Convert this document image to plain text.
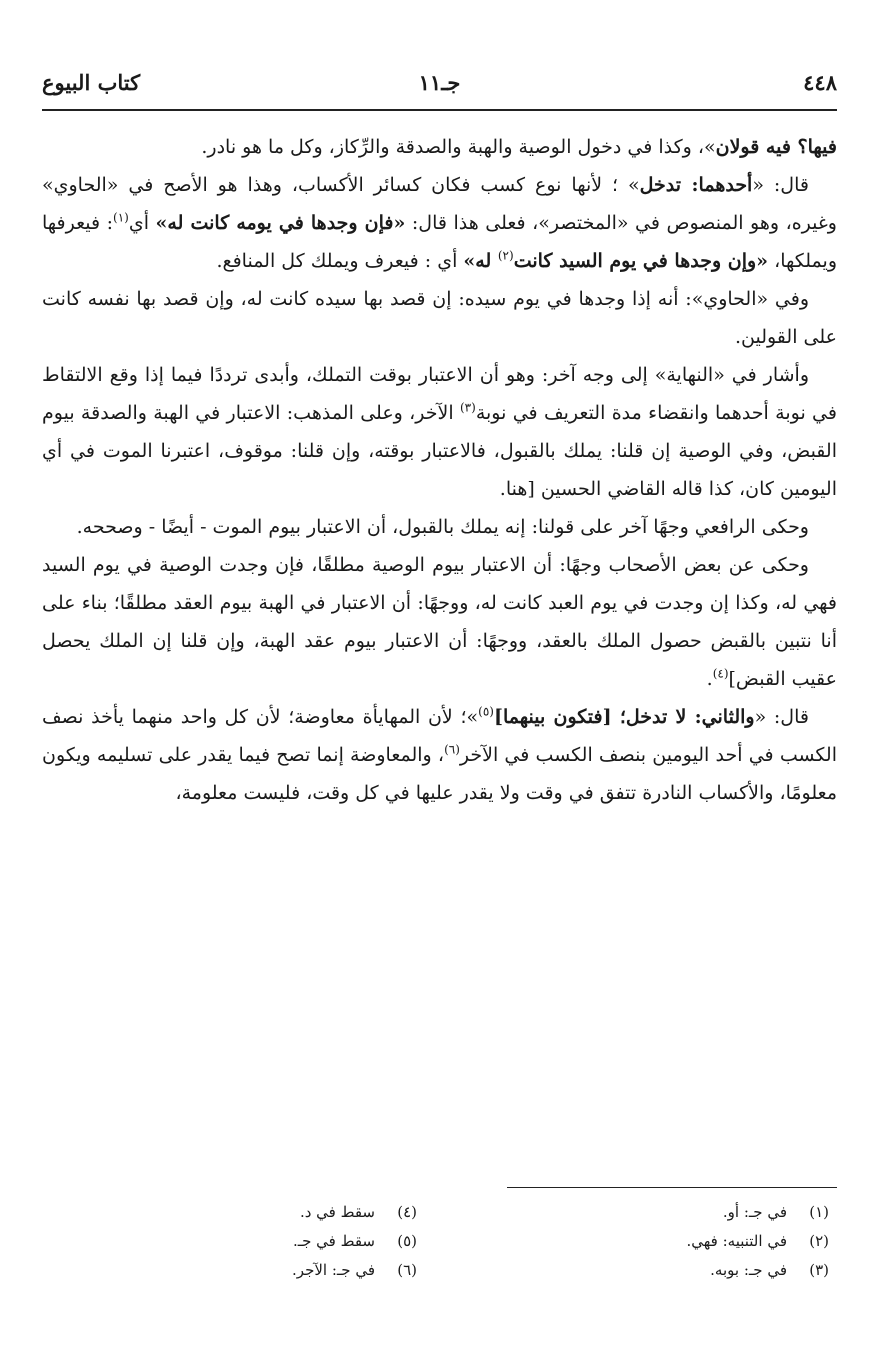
٤٤٨
جـ١١
كتاب البيوع

فيها؟ فيه قولان»، وكذا في دخول الوصية والهبة والصدقة والرِّكاز، وكل ما هو نادر.

قال: «أحدهما: تدخل» ؛ لأنها نوع كسب فكان كسائر الأكساب، وهذا هو الأصح في «الحاوي» وغيره، وهو المنصوص في «المختصر»، فعلى هذا قال: «فإن وجدها في يومه كانت له» أي$^{(١)}$: فيعرفها ويملكها، «وإن وجدها في يوم السيد كانت$^{(٢)}$ له» أي : فيعرف ويملك كل المنافع.

وفي «الحاوي»: أنه إذا وجدها في يوم سيده: إن قصد بها سيده كانت له، وإن قصد بها نفسه كانت على القولين.

وأشار في «النهاية» إلى وجه آخر: وهو أن الاعتبار بوقت التملك، وأبدى ترددًا فيما إذا وقع الالتقاط في نوبة أحدهما وانقضاء مدة التعريف في نوبة$^{(٣)}$ الآخر، وعلى المذهب: الاعتبار في الهبة والصدقة بيوم القبض، وفي الوصية إن قلنا: يملك بالقبول، فالاعتبار بوقته، وإن قلنا: موقوف، اعتبرنا الموت في أي اليومين كان، كذا قاله القاضي الحسين [هنا.

وحكى الرافعي وجهًا آخر على قولنا: إنه يملك بالقبول، أن الاعتبار بيوم الموت - أيضًا - وصححه.

وحكى عن بعض الأصحاب وجهًا: أن الاعتبار بيوم الوصية مطلقًا، فإن وجدت الوصية في يوم السيد فهي له، وكذا إن وجدت في يوم العبد كانت له، ووجهًا: أن الاعتبار في الهبة بيوم العقد مطلقًا؛ بناء على أنا نتبين بالقبض حصول الملك بالعقد، ووجهًا: أن الاعتبار بيوم عقد الهبة، وإن قلنا إن الملك يحصل عقيب القبض]$^{(٤)}$.

قال: «والثاني: لا تدخل؛ [فتكون بينهما]$^{(٥)}$»؛ لأن المهايأة معاوضة؛ لأن كل واحد منهما يأخذ نصف الكسب في أحد اليومين بنصف الكسب في الآخر$^{(٦)}$، والمعاوضة إنما تصح فيما يقدر على تسليمه ويكون معلومًا، والأكساب النادرة تتفق في وقت ولا يقدر عليها في كل وقت، فليست معلومة،

(١)في جـ: أو.
(٢)في التنبيه: فهي.
(٣)في جـ: بوبه.
(٤)سقط في د.
(٥)سقط في جـ.
(٦)في جـ: الآجر.
